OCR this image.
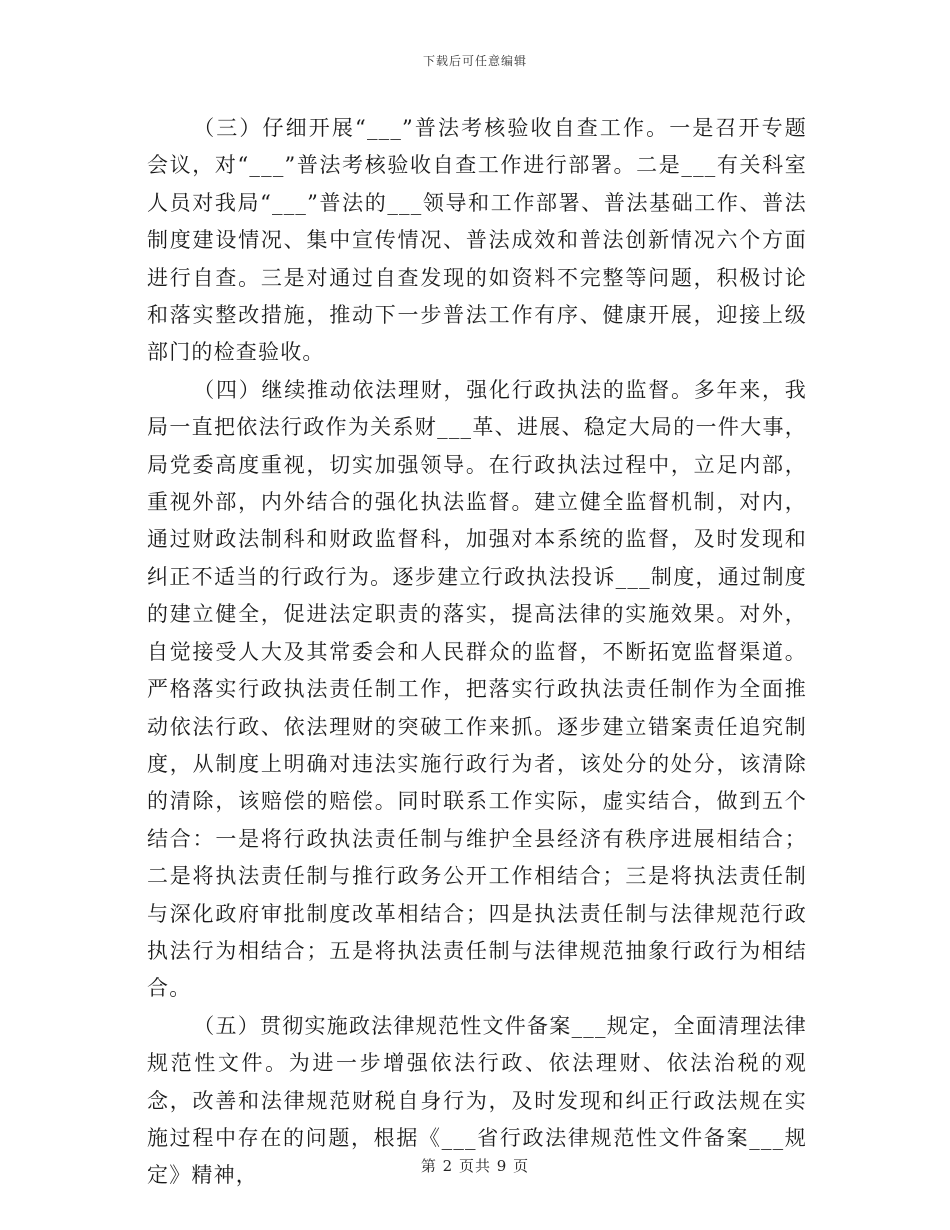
下载后可任意编辑

（三）仔细开展“___”普法考核验收自查工作。一是召开专题会议，对“___”普法考核验收自查工作进行部署。二是___有关科室人员对我局“___”普法的___领导和工作部署、普法基础工作、普法制度建设情况、集中宣传情况、普法成效和普法创新情况六个方面进行自查。三是对通过自查发现的如资料不完整等问题，积极讨论和落实整改措施，推动下一步普法工作有序、健康开展，迎接上级部门的检查验收。

（四）继续推动依法理财，强化行政执法的监督。多年来，我局一直把依法行政作为关系财___革、进展、稳定大局的一件大事，局党委高度重视，切实加强领导。在行政执法过程中，立足内部，重视外部，内外结合的强化执法监督。建立健全监督机制，对内，通过财政法制科和财政监督科，加强对本系统的监督，及时发现和纠正不适当的行政行为。逐步建立行政执法投诉___制度，通过制度的建立健全，促进法定职责的落实，提高法律的实施效果。对外，自觉接受人大及其常委会和人民群众的监督，不断拓宽监督渠道。严格落实行政执法责任制工作，把落实行政执法责任制作为全面推动依法行政、依法理财的突破工作来抓。逐步建立错案责任追究制度，从制度上明确对违法实施行政行为者，该处分的处分，该清除的清除，该赔偿的赔偿。同时联系工作实际，虚实结合，做到五个结合：一是将行政执法责任制与维护全县经济有秩序进展相结合；二是将执法责任制与推行政务公开工作相结合；三是将执法责任制与深化政府审批制度改革相结合；四是执法责任制与法律规范行政执法行为相结合；五是将执法责任制与法律规范抽象行政行为相结合。

（五）贯彻实施政法律规范性文件备案___规定，全面清理法律规范性文件。为进一步增强依法行政、依法理财、依法治税的观念，改善和法律规范财税自身行为，及时发现和纠正行政法规在实施过程中存在的问题，根据《___省行政法律规范性文件备案___规定》精神，	第 2 页共 9 页
